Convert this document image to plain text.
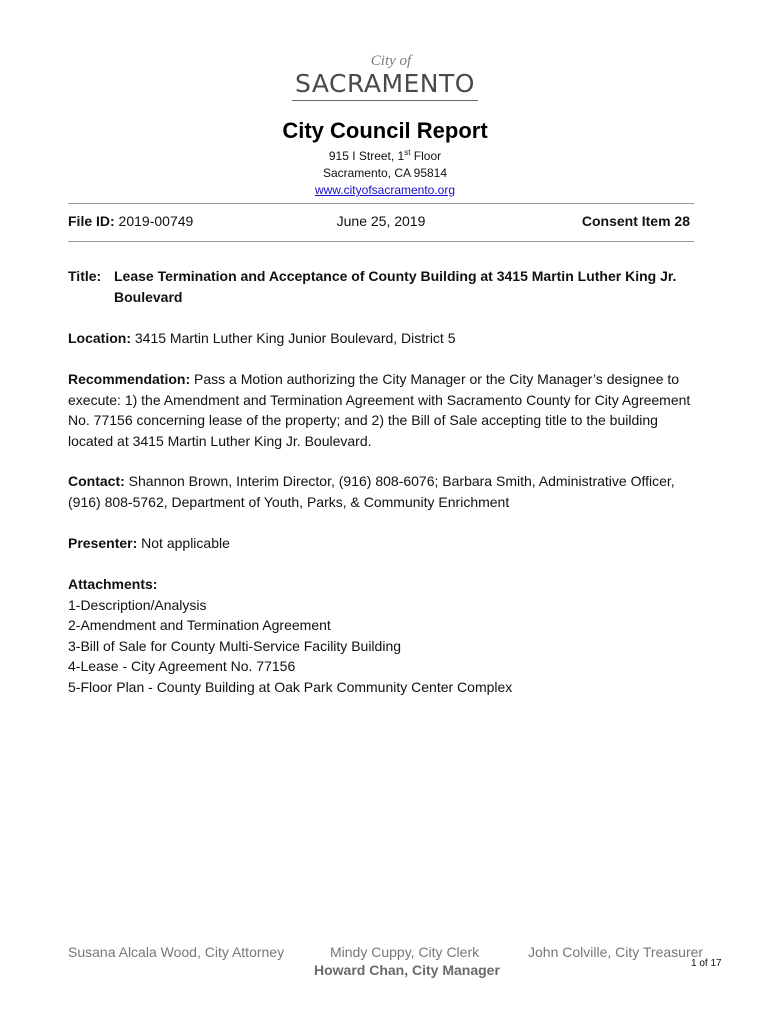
City of
SACRAMENTO
City Council Report
915 I Street, 1st Floor
Sacramento, CA 95814
www.cityofsacramento.org
File ID: 2019-00749	June 25, 2019	Consent Item 28
Title: Lease Termination and Acceptance of County Building at 3415 Martin Luther King Jr. Boulevard

Location: 3415 Martin Luther King Junior Boulevard, District 5

Recommendation: Pass a Motion authorizing the City Manager or the City Manager’s designee to execute: 1) the Amendment and Termination Agreement with Sacramento County for City Agreement No. 77156 concerning lease of the property; and 2) the Bill of Sale accepting title to the building located at 3415 Martin Luther King Jr. Boulevard.

Contact: Shannon Brown, Interim Director, (916) 808-6076; Barbara Smith, Administrative Officer, (916) 808-5762, Department of Youth, Parks, & Community Enrichment

Presenter: Not applicable

Attachments:

1-Description/Analysis

2-Amendment and Termination Agreement

3-Bill of Sale for County Multi-Service Facility Building

4-Lease - City Agreement No. 77156

5-Floor Plan - County Building at Oak Park Community Center Complex

Susana Alcala Wood, City Attorney	Mindy Cuppy, City Clerk	John Colville, City Treasurer
Howard Chan, City Manager	1 of 17
